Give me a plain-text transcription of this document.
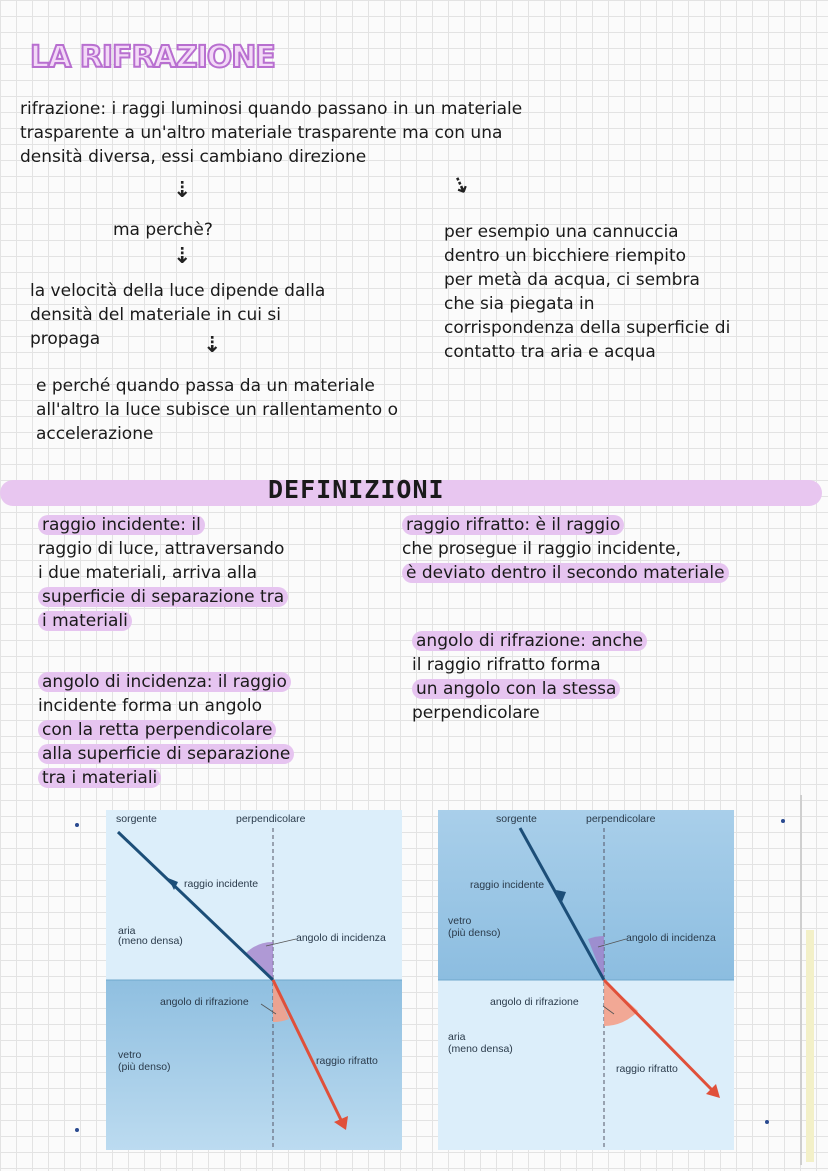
LA RIFRAZIONE
rifrazione: i raggi luminosi quando passano in un materiale
trasparente a un'altro materiale trasparente ma con una
densità diversa, essi cambiano direzione
⇣	⇣
⇣
⇣
ma perchè?
la velocità della luce dipende dalla
densità del materiale in cui si
propaga
e perché quando passa da un materiale
all'altro la luce subisce un rallentamento o
accelerazione
per esempio una cannuccia
dentro un bicchiere riempito
per metà da acqua, ci sembra
che sia piegata in
corrispondenza della superficie di
contatto tra aria e acqua
DEFINIZIONI
raggio incidente: il
raggio di luce, attraversando
i due materiali, arriva alla
superficie di separazione tra
i materiali
raggio rifratto: è il raggio
che prosegue il raggio incidente,
è deviato dentro il secondo materiale
angolo di rifrazione: anche
il raggio rifratto forma
un angolo con la stessa
perpendicolare
angolo di incidenza: il raggio
incidente forma un angolo
con la retta perpendicolare
alla superficie di separazione
tra i materiali
sorgente	perpendicolare
raggio incidente
aria
(meno densa)	angolo di incidenza
angolo di rifrazione
vetro
(più denso)	raggio rifratto
sorgente	perpendicolare
raggio incidente
vetro
(più denso)	angolo di incidenza
angolo di rifrazione
aria
(meno densa)
raggio rifratto
